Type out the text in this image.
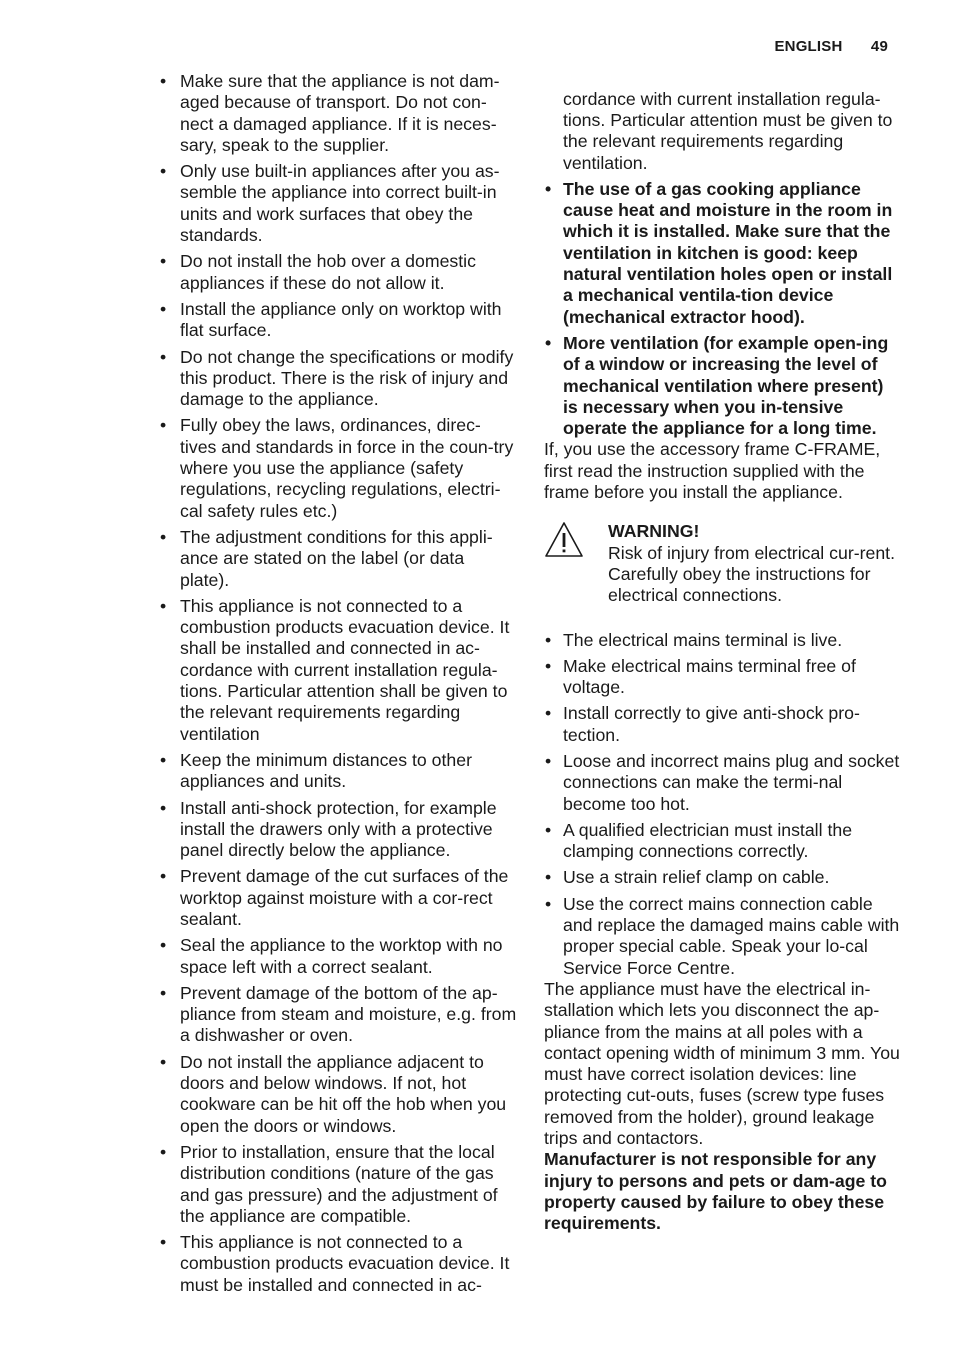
ENGLISH 49
• Make sure that the appliance is not dam-aged because of transport. Do not con-nect a damaged appliance. If it is neces-sary, speak to the supplier.
• Only use built-in appliances after you as-semble the appliance into correct built-in units and work surfaces that obey the standards.
• Do not install the hob over a domestic appliances if these do not allow it.
• Install the appliance only on worktop with flat surface.
• Do not change the specifications or modify this product. There is the risk of injury and damage to the appliance.
• Fully obey the laws, ordinances, direc-tives and standards in force in the coun-try where you use the appliance (safety regulations, recycling regulations, electri-cal safety rules etc.)
• The adjustment conditions for this appli-ance are stated on the label (or data plate).
• This appliance is not connected to a combustion products evacuation device. It shall be installed and connected in ac-cordance with current installation regula-tions. Particular attention shall be given to the relevant requirements regarding ventilation
• Keep the minimum distances to other appliances and units.
• Install anti-shock protection, for example install the drawers only with a protective panel directly below the appliance.
• Prevent damage of the cut surfaces of the worktop against moisture with a cor-rect sealant.
• Seal the appliance to the worktop with no space left with a correct sealant.
• Prevent damage of the bottom of the ap-pliance from steam and moisture, e.g. from a dishwasher or oven.
• Do not install the appliance adjacent to doors and below windows. If not, hot cookware can be hit off the hob when you open the doors or windows.
• Prior to installation, ensure that the local distribution conditions (nature of the gas and gas pressure) and the adjustment of the appliance are compatible.
• This appliance is not connected to a combustion products evacuation device. It must be installed and connected in ac-

cordance with current installation regula-tions. Particular attention must be given to the relevant requirements regarding ventilation.

• The use of a gas cooking appliance cause heat and moisture in the room in which it is installed. Make sure that the ventilation in kitchen is good: keep natural ventilation holes open or install a mechanical ventila-tion device (mechanical extractor hood).
• More ventilation (for example open-ing of a window or increasing the level of mechanical ventilation where present) is necessary when you in-tensive operate the appliance for a long time.

If, you use the accessory frame C-FRAME, first read the instruction supplied with the frame before you install the appliance.

WARNING!
Risk of injury from electrical cur-rent. Carefully obey the instructions for electrical connections.
• The electrical mains terminal is live.
• Make electrical mains terminal free of voltage.
• Install correctly to give anti-shock pro-tection.
• Loose and incorrect mains plug and socket connections can make the termi-nal become too hot.
• A qualified electrician must install the clamping connections correctly.
• Use a strain relief clamp on cable.
• Use the correct mains connection cable and replace the damaged mains cable with proper special cable. Speak your lo-cal Service Force Centre.

The appliance must have the electrical in-stallation which lets you disconnect the ap-pliance from the mains at all poles with a contact opening width of minimum 3 mm. You must have correct isolation devices: line protecting cut-outs, fuses (screw type fuses removed from the holder), ground leakage trips and contactors.

Manufacturer is not responsible for any injury to persons and pets or dam-age to property caused by failure to obey these requirements.
